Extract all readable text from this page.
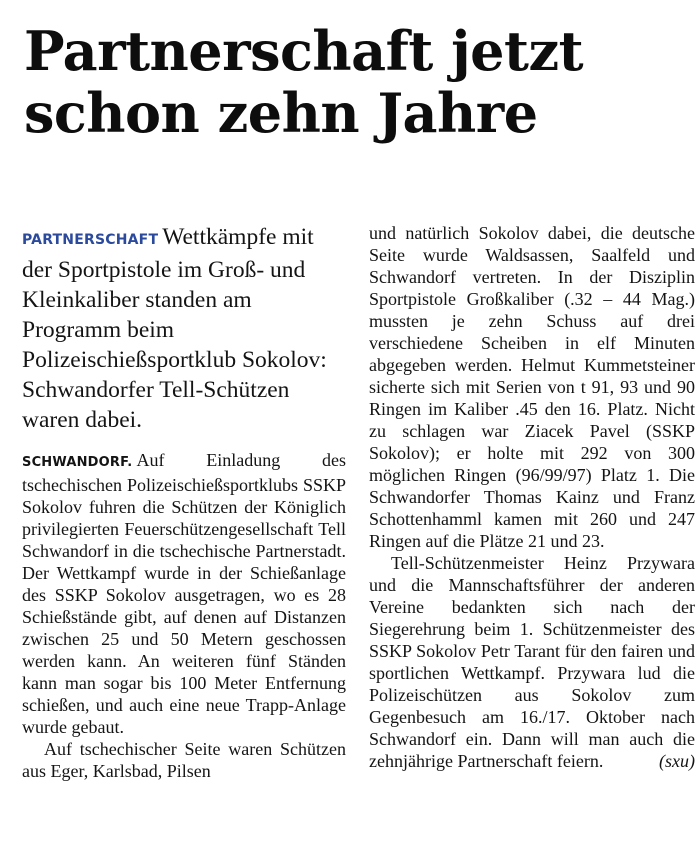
Partnerschaft jetzt
schon zehn Jahre

PARTNERSCHAFT Wettkämpfe mit der Sportpistole im Groß- und Kleinkaliber standen am Programm beim Polizeischießsportklub Sokolov: Schwandorfer Tell-Schützen waren dabei.

SCHWANDORF. Auf Einladung des tschechischen Polizeischießsportklubs SSKP Sokolov fuhren die Schützen der Königlich privilegierten Feuerschützengesellschaft Tell Schwandorf in die tschechische Partnerstadt. Der Wettkampf wurde in der Schießanlage des SSKP Sokolov ausgetragen, wo es 28 Schießstände gibt, auf denen auf Distanzen zwischen 25 und 50 Metern geschossen werden kann. An weiteren fünf Ständen kann man sogar bis 100 Meter Entfernung schießen, und auch eine neue Trapp-Anlage wurde gebaut.

Auf tschechischer Seite waren Schützen aus Eger, Karlsbad, Pilsen

und natürlich Sokolov dabei, die deutsche Seite wurde Waldsassen, Saalfeld und Schwandorf vertreten. In der Disziplin Sportpistole Großkaliber (.32 – 44 Mag.) mussten je zehn Schuss auf drei verschiedene Scheiben in elf Minuten abgegeben werden. Helmut Kummetsteiner sicherte sich mit Serien von t 91, 93 und 90 Ringen im Kaliber .45 den 16. Platz. Nicht zu schlagen war Ziacek Pavel (SSKP Sokolov); er holte mit 292 von 300 möglichen Ringen (96/99/97) Platz 1. Die Schwandorfer Thomas Kainz und Franz Schottenhamml kamen mit 260 und 247 Ringen auf die Plätze 21 und 23.

Tell-Schützenmeister Heinz Przywara und die Mannschaftsführer der anderen Vereine bedankten sich nach der Siegerehrung beim 1. Schützenmeister des SSKP Sokolov Petr Tarant für den fairen und sportlichen Wettkampf. Przywara lud die Polizeischützen aus Sokolov zum Gegenbesuch am 16./17. Oktober nach Schwandorf ein. Dann will man auch die zehnjährige Partnerschaft feiern.	(sxu)
